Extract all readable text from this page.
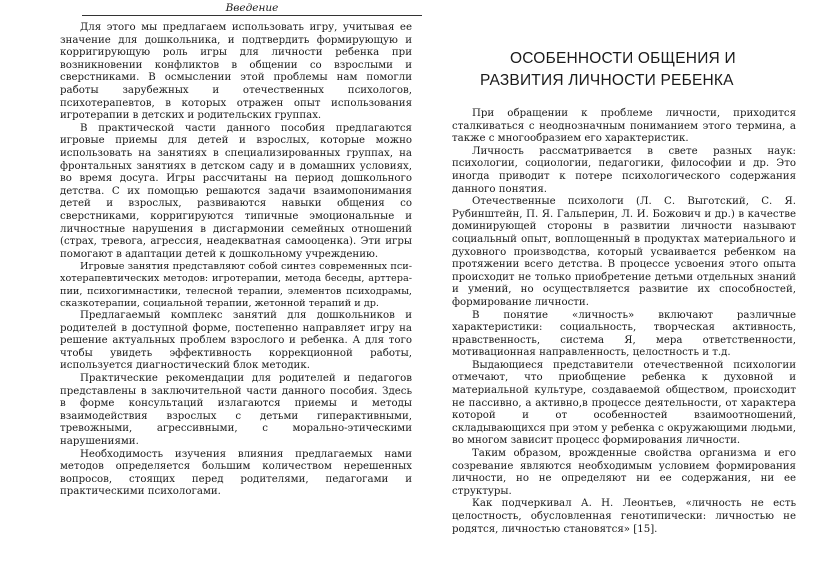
Введение

Для этого мы предлагаем использовать игру, учитывая ее значение для дошкольника, и подтвердить формирующую и корригирующую роль игры для личности ребенка при возникновении конфликтов в общении со взрослыми и сверстниками. В осмыслении этой проблемы нам помогли работы зарубежных и отечественных психологов, психотерапевтов, в которых отражен опыт использования игротерапии в детских и родительских группах.

В практической части данного пособия предлагаются игровые приемы для детей и взрослых, которые можно использовать на занятиях в специализированных группах, на фронтальных занятиях в детском саду и в домашних условиях, во время досуга. Игры рассчитаны на период дошкольного детства. С их помощью решаются задачи взаимопонимания детей и взрослых, развиваются навыки общения со сверстниками, корригируются типичные эмоциональные и личностные нарушения в дисгармонии семейных отношений (страх, тревога, агрессия, неадекватная самооценка). Эти игры помогают в адаптации детей к дошкольному учреждению.

Игровые занятия представляют собой синтез современных психотерапевтических методов: игротерапии, метода беседы, арттерапии, психогимнастики, телесной терапии, элементов психодрамы, сказкотерапии, социальной терапии, жетонной терапий и др.

Предлагаемый комплекс занятий для дошкольников и родителей в доступной форме, постепенно направляет игру на решение актуальных проблем взрослого и ребенка. А для того чтобы увидеть эффективность коррекционной работы, используется диагностический блок методик.

Практические рекомендации для родителей и педагогов представлены в заключительной части данного пособия. Здесь в форме консультаций излагаются приемы и методы взаимодействия взрослых с детьми гиперактивными, тревожными, агрессивными, с морально-этическими нарушениями.

Необходимость изучения влияния предлагаемых нами методов определяется большим количеством нерешенных вопросов, стоящих перед родителями, педагогами и практическими психологами.

ОСОБЕННОСТИ ОБЩЕНИЯ И
РАЗВИТИЯ ЛИЧНОСТИ РЕБЕНКА

При обращении к проблеме личности, приходится сталкиваться с неоднозначным пониманием этого термина, а также с многообразием его характеристик.

Личность рассматривается в свете разных наук: психологии, социологии, педагогики, философии и др. Это иногда приводит к потере психологического содержания данного понятия.

Отечественные психологи (Л. С. Выготский, С. Я. Рубинштейн, П. Я. Гальперин, Л. И. Божович и др.) в качестве доминирующей стороны в развитии личности называют социальный опыт, воплощенный в продуктах материального и духовного производства, который усваивается ребенком на протяжении всего детства. В процессе усвоения этого опыта происходит не только приобретение детьми отдельных знаний и умений, но осуществляется развитие их способностей, формирование личности.

В понятие «личность» включают различные характеристики: социальность, творческая активность, нравственность, система Я, мера ответственности, мотивационная направленность, целостность и т.д.

Выдающиеся представители отечественной психологии отмечают, что приобщение ребенка к духовной и материальной культуре, создаваемой обществом, происходит не пассивно, а активно,в процессе деятельности, от характера которой и от особенностей взаимоотношений, складывающихся при этом у ребенка с окружающими людьми, во многом зависит процесс формирования личности.

Таким образом, врожденные свойства организма и его созревание являются необходимым условием формирования личности, но не определяют ни ее содержания, ни ее структуры.

Как подчеркивал А. Н. Леонтьев, «личность не есть целостность, обусловленная генотипически: личностью не родятся, личностью становятся» [15].
